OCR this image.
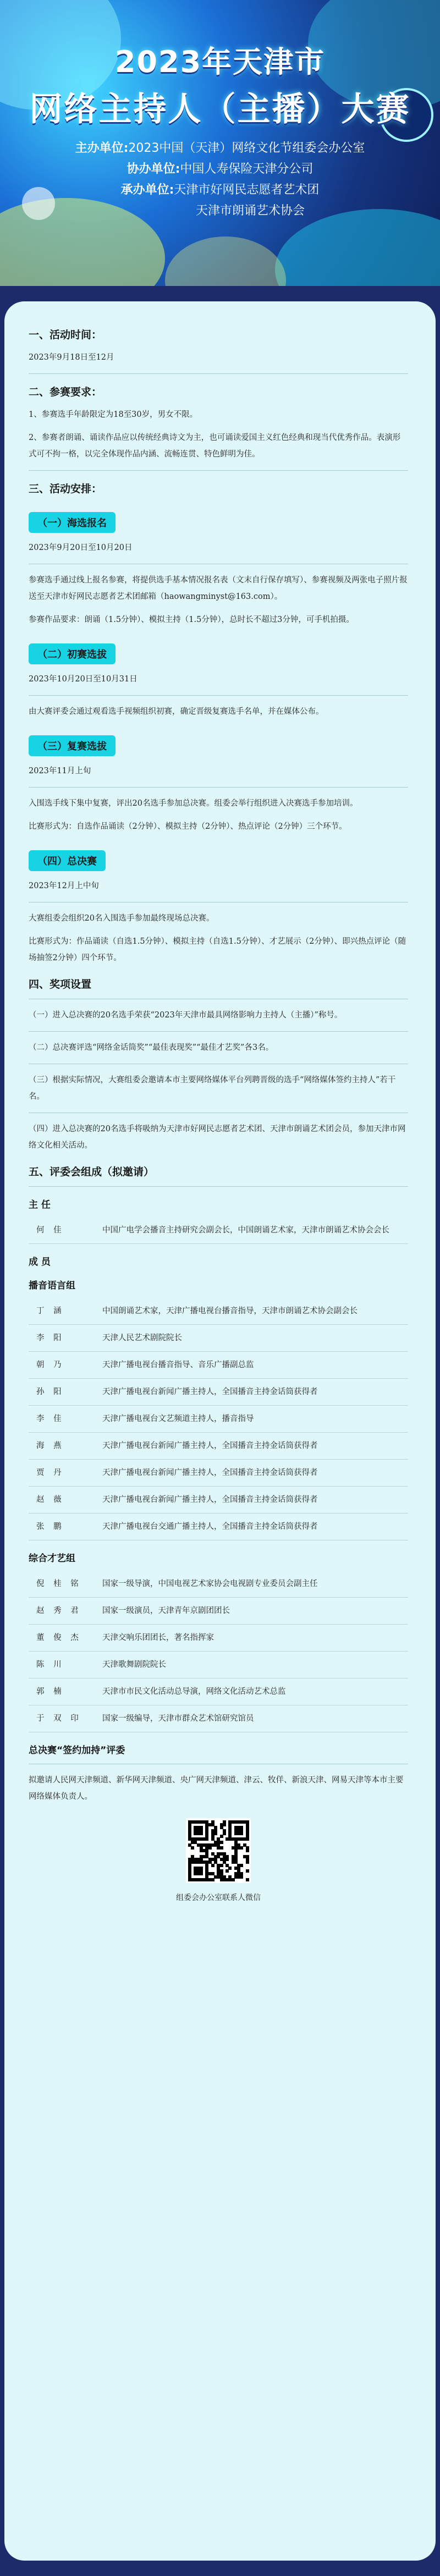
2023年天津市
网络主持人（主播）大赛
主办单位:2023中国（天津）网络文化节组委会办公室
协办单位:中国人寿保险天津分公司
承办单位:天津市好网民志愿者艺术团
天津市朗诵艺术协会
一、活动时间：

2023年9月18日至12月

二、参赛要求：

1、参赛选手年龄限定为18至30岁，男女不限。

2、参赛者朗诵、诵读作品应以传统经典诗文为主，也可诵读爱国主义红色经典和现当代优秀作品。表演形式可不拘一格，以完全体现作品内涵、流畅连贯、特色鲜明为佳。

三、活动安排：
（一）海选报名

2023年9月20日至10月20日

参赛选手通过线上报名参赛，将提供选手基本情况报名表（文末自行保存填写）、参赛视频及两张电子照片报送至天津市好网民志愿者艺术团邮箱（haowangminyst@163.com）。

参赛作品要求：朗诵（1.5分钟）、模拟主持（1.5分钟），总时长不超过3分钟，可手机拍摄。

（二）初赛选拔

2023年10月20日至10月31日

由大赛评委会通过观看选手视频组织初赛，确定晋级复赛选手名单，并在媒体公布。

（三）复赛选拔

2023年11月上旬

入围选手线下集中复赛，评出20名选手参加总决赛。组委会举行组织进入决赛选手参加培训。

比赛形式为：自选作品诵读（2分钟）、模拟主持（2分钟）、热点评论（2分钟）三个环节。

（四）总决赛

2023年12月上中旬

大赛组委会组织20名入围选手参加最终现场总决赛。

比赛形式为：作品诵读（自选1.5分钟）、模拟主持（自选1.5分钟）、才艺展示（2分钟）、即兴热点评论（随场抽签2分钟）四个环节。

四、奖项设置

（一）进入总决赛的20名选手荣获“2023年天津市最具网络影响力主持人（主播）”称号。

（二）总决赛评选“网络金话筒奖”“最佳表现奖”“最佳才艺奖”各3名。

（三）根据实际情况，大赛组委会邀请本市主要网络媒体平台列聘晋级的选手“网络媒体签约主持人”若干名。

（四）进入总决赛的20名选手将吸纳为天津市好网民志愿者艺术团、天津市朗诵艺术团会员，参加天津市网络文化相关活动。

五、评委会组成（拟邀请）
主 任
何 佳	中国广电学会播音主持研究会副会长，中国朗诵艺术家，天津市朗诵艺术协会会长
成 员
播音语言组
丁 涵	中国朗诵艺术家，天津广播电视台播音指导，天津市朗诵艺术协会副会长
李 阳	天津人民艺术剧院院长
朝 乃	天津广播电视台播音指导、音乐广播副总监
孙 阳	天津广播电视台新闻广播主持人，全国播音主持金话筒获得者
李 佳	天津广播电视台文艺频道主持人，播音指导
海 燕	天津广播电视台新闻广播主持人，全国播音主持金话筒获得者
贾 丹	天津广播电视台新闻广播主持人，全国播音主持金话筒获得者
赵 薇	天津广播电视台新闻广播主持人，全国播音主持金话筒获得者
张 鹏	天津广播电视台交通广播主持人，全国播音主持金话筒获得者
综合才艺组
倪 桂 铭	国家一级导演，中国电视艺术家协会电视剧专业委员会副主任
赵 秀 君	国家一级演员，天津青年京剧团团长
董 俊 杰	天津交响乐团团长，著名指挥家
陈 川	天津歌舞剧院院长
郭 楠	天津市市民文化活动总导演，网络文化活动艺术总监
于 双 印	国家一级编导，天津市群众艺术馆研究馆员
总决赛“签约加持”评委

拟邀请人民网天津频道、新华网天津频道、央广网天津频道、津云、牧佯、新浪天津、网易天津等本市主要网络媒体负责人。

组委会办公室联系人微信
